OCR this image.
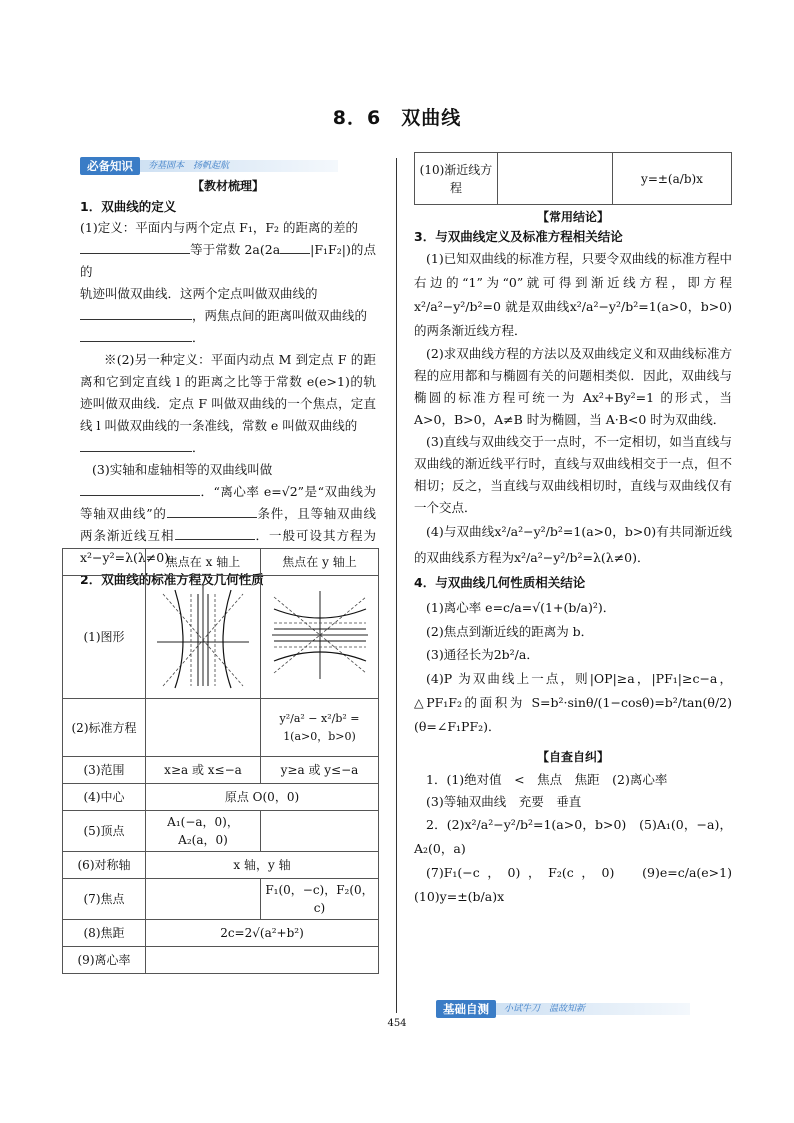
8．6　双曲线
必备知识	夯基固本　扬帆起航
【教材梳理】
1．双曲线的定义

(1)定义：平面内与两个定点 F₁，F₂ 的距离的差的

等于常数 2a(2a |F₁F₂|)的点的

轨迹叫做双曲线．这两个定点叫做双曲线的

，两焦点间的距离叫做双曲线的

．

※(2)另一种定义：平面内动点 M 到定点 F 的距离和它到定直线 l 的距离之比等于常数 e(e>1)的轨迹叫做双曲线．定点 F 叫做双曲线的一个焦点，定直线 l 叫做双曲线的一条准线，常数 e 叫做双曲线的

．

(3)实轴和虚轴相等的双曲线叫做

．“离心率 e=√2”是“双曲线为等轴双曲线”的	条件，且等轴双曲线两条渐近线互相	．一般可设其方程为 x²−y²=λ(λ≠0)．

2．双曲线的标准方程及几何性质
	焦点在 x 轴上	焦点在 y 轴上
(1)图形		
(2)标准方程		y²/a² − x²/b² = 1(a>0，b>0)
(3)范围	x≥a 或 x≤−a	y≥a 或 y≤−a
(4)中心	原点 O(0，0)	
(5)顶点	A₁(−a，0)，A₂(a，0)	
(6)对称轴	x 轴，y 轴	
(7)焦点		F₁(0，−c)，F₂(0，c)
(8)焦距	2c=2√(a²+b²)	
(9)离心率		
(10)渐近线方程		y=±(a/b)x
【常用结论】
3．与双曲线定义及标准方程相关结论

(1)已知双曲线的标准方程，只要令双曲线的标准方程中右边的“1”为“0”就可得到渐近线方程，即方程x²/a²−y²/b²=0 就是双曲线x²/a²−y²/b²=1(a>0，b>0)的两条渐近线方程．

(2)求双曲线方程的方法以及双曲线定义和双曲线标准方程的应用都和与椭圆有关的问题相类似．因此，双曲线与椭圆的标准方程可统一为 Ax²+By²=1 的形式，当 A>0，B>0，A≠B 时为椭圆，当 A·B<0 时为双曲线．

(3)直线与双曲线交于一点时，不一定相切，如当直线与双曲线的渐近线平行时，直线与双曲线相交于一点，但不相切；反之，当直线与双曲线相切时，直线与双曲线仅有一个交点．

(4)与双曲线x²/a²−y²/b²=1(a>0，b>0)有共同渐近线的双曲线系方程为x²/a²−y²/b²=λ(λ≠0)．

4．与双曲线几何性质相关结论

(1)离心率 e=c/a=√(1+(b/a)²)．

(2)焦点到渐近线的距离为 b．

(3)通径长为2b²/a．

(4)P 为双曲线上一点，则|OP|≥a，|PF₁|≥c−a，△PF₁F₂的面积为 S=b²·sinθ/(1−cosθ)=b²/tan(θ/2)(θ=∠F₁PF₂)．

【自查自纠】

1．(1)绝对值　<　焦点　焦距　(2)离心率

(3)等轴双曲线　充要　垂直

2．(2)x²/a²−y²/b²=1(a>0，b>0)　(5)A₁(0，−a)，A₂(0，a)

(7)F₁(−c，0)，F₂(c，0)　(9)e=c/a(e>1)　(10)y=±(b/a)x

基础自测	小试牛刀　温故知新
454
